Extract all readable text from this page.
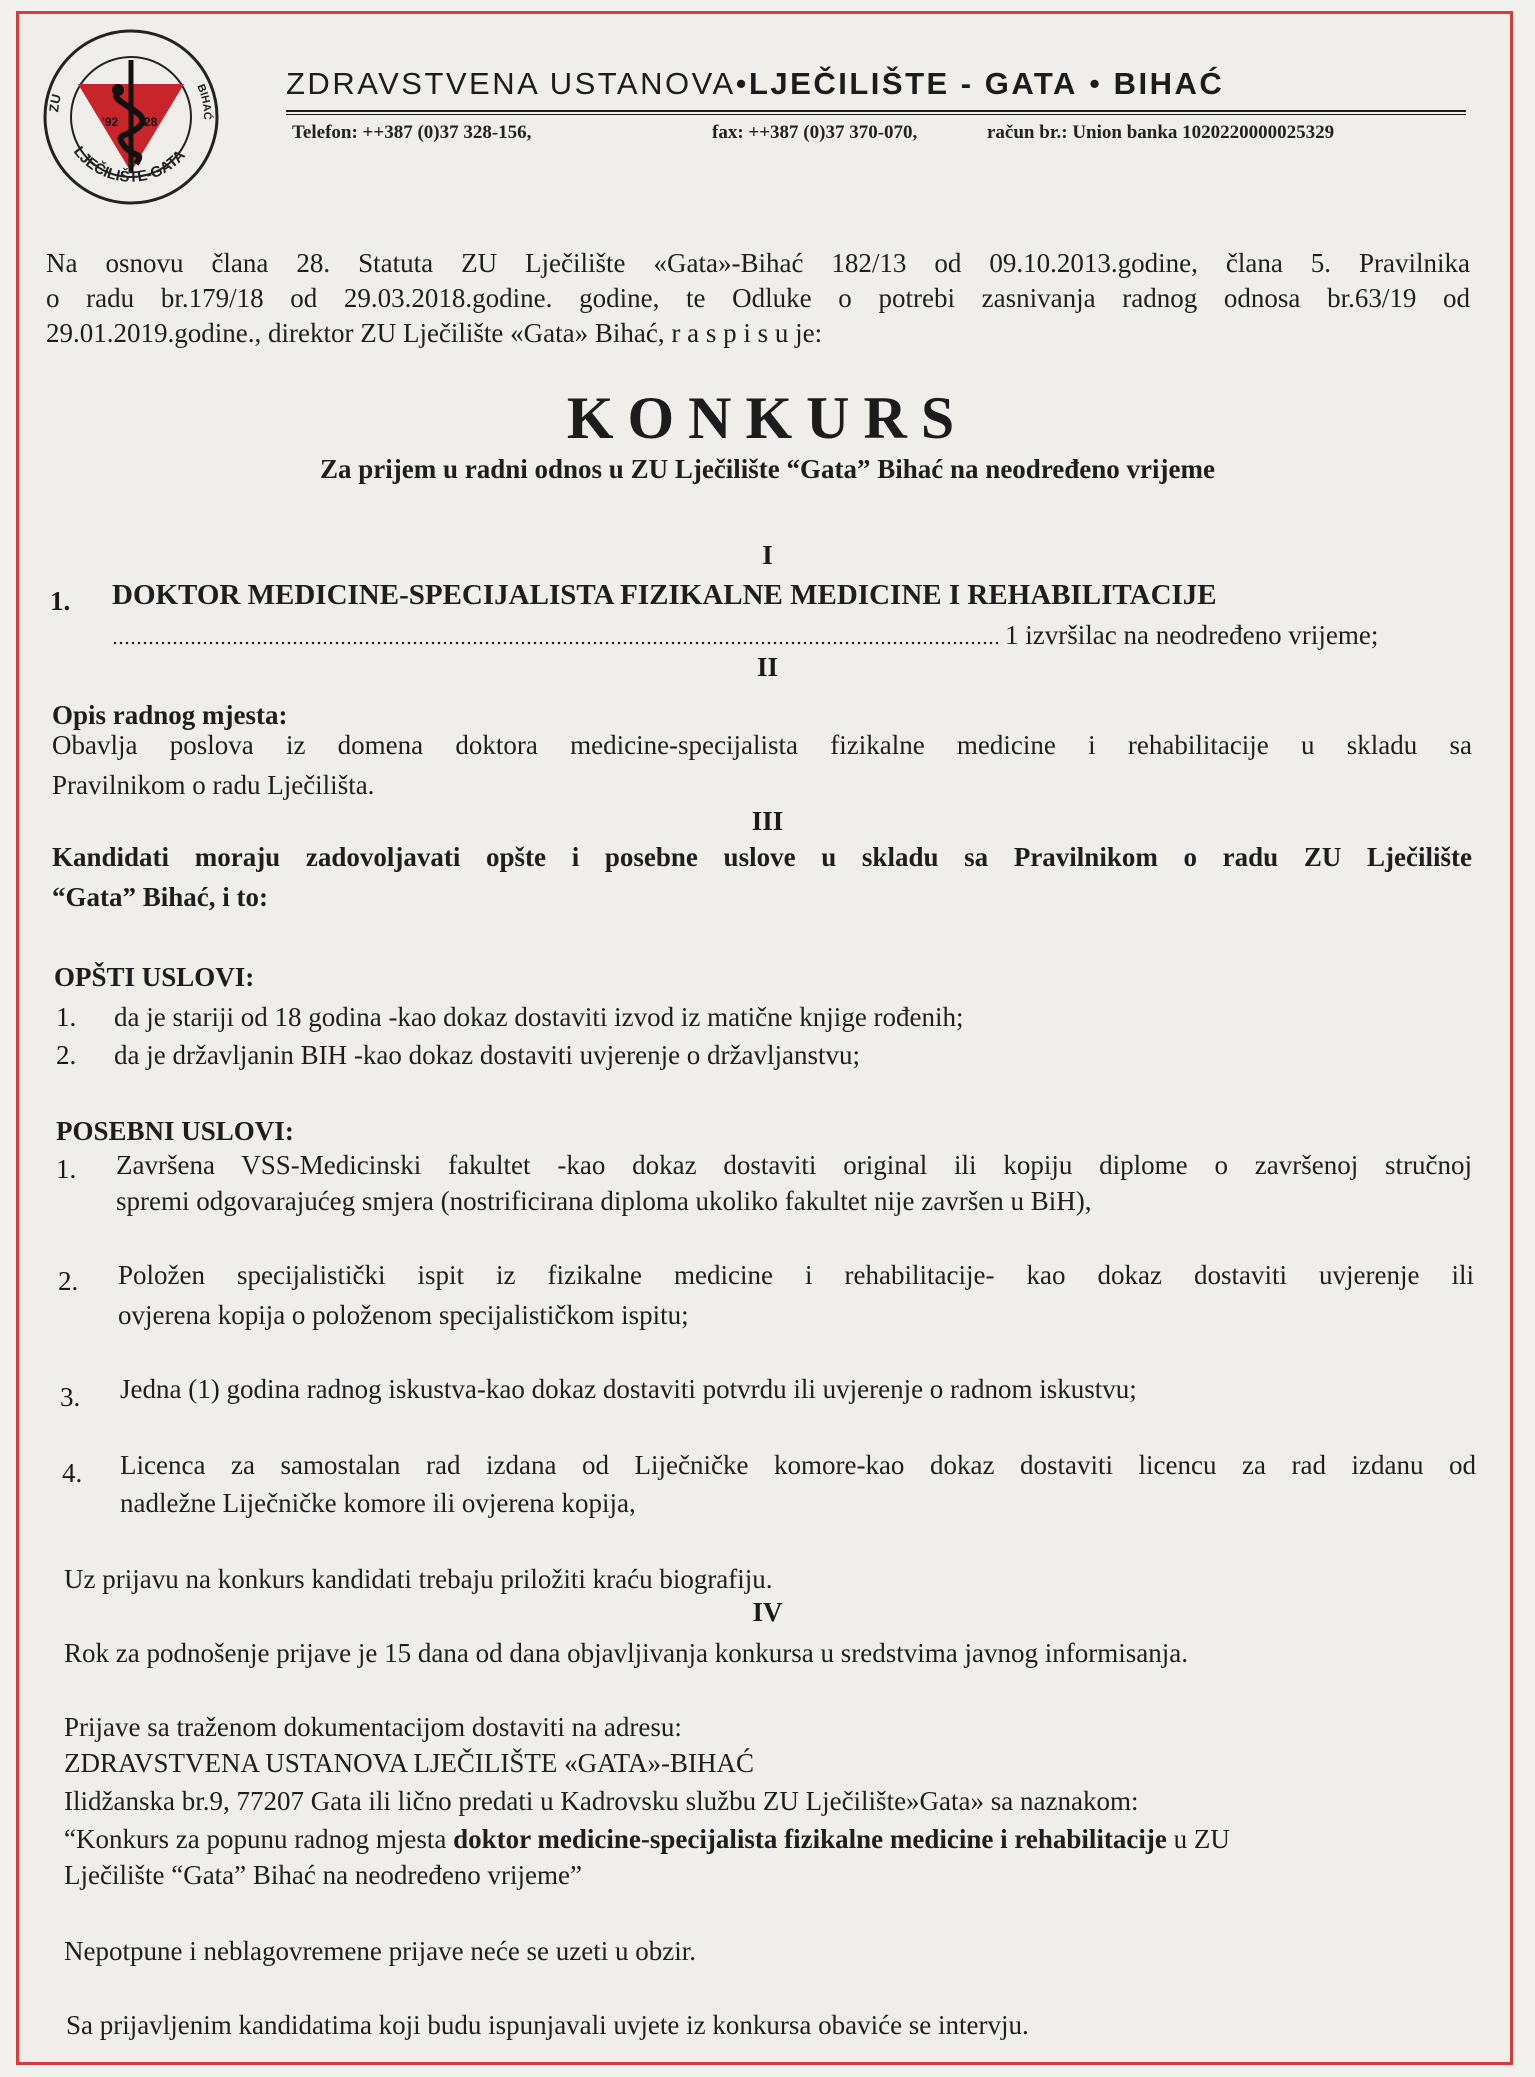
LJEČILIŠTE-GATA
ZU
BIHAĆ
'92 28
ZDRAVSTVENA USTANOVA•LJEČILIŠTE - GATA • BIHAĆ
Telefon: ++387 (0)37 328-156,	fax: ++387 (0)37 370-070,	račun br.: Union banka 1020220000025329
Na osnovu člana 28. Statuta ZU Lječilište «Gata»-Bihać 182/13 od 09.10.2013.godine, člana 5. Pravilnika
o radu br.179/18 od 29.03.2018.godine. godine, te Odluke o potrebi zasnivanja radnog odnosa br.63/19 od
29.01.2019.godine., direktor ZU Lječilište «Gata» Bihać, r a s p i s u je:
KONKURS
Za prijem u radni odnos u ZU Lječilište “Gata” Bihać na neodređeno vrijeme
I
1. DOKTOR MEDICINE-SPECIJALISTA FIZIKALNE MEDICINE I REHABILITACIJE
1 izvršilac na neodređeno vrijeme;
II
Opis radnog mjesta:
Obavlja poslova iz domena doktora medicine-specijalista fizikalne medicine i rehabilitacije u skladu sa
Pravilnikom o radu Lječilišta.
III
Kandidati moraju zadovoljavati opšte i posebne uslove u skladu sa Pravilnikom o radu ZU Lječilište
“Gata” Bihać, i to:
OPŠTI USLOVI:
1. da je stariji od 18 godina -kao dokaz dostaviti izvod iz matične knjige rođenih;
2. da je državljanin BIH -kao dokaz dostaviti uvjerenje o državljanstvu;
POSEBNI USLOVI:
1. Završena VSS-Medicinski fakultet -kao dokaz dostaviti original ili kopiju diplome o završenoj stručnoj
spremi odgovarajućeg smjera (nostrificirana diploma ukoliko fakultet nije završen u BiH),
2. Položen specijalistički ispit iz fizikalne medicine i rehabilitacije- kao dokaz dostaviti uvjerenje ili
ovjerena kopija o položenom specijalističkom ispitu;
3. Jedna (1) godina radnog iskustva-kao dokaz dostaviti potvrdu ili uvjerenje o radnom iskustvu;
4. Licenca za samostalan rad izdana od Liječničke komore-kao dokaz dostaviti licencu za rad izdanu od
nadležne Liječničke komore ili ovjerena kopija,
Uz prijavu na konkurs kandidati trebaju priložiti kraću biografiju.
IV
Rok za podnošenje prijave je 15 dana od dana objavljivanja konkursa u sredstvima javnog informisanja.
Prijave sa traženom dokumentacijom dostaviti na adresu:
ZDRAVSTVENA USTANOVA LJEČILIŠTE «GATA»-BIHAĆ
Ilidžanska br.9, 77207 Gata ili lično predati u Kadrovsku službu ZU Lječilište»Gata» sa naznakom:
“Konkurs za popunu radnog mjesta doktor medicine-specijalista fizikalne medicine i rehabilitacije u ZU
Lječilište “Gata” Bihać na neodređeno vrijeme”
Nepotpune i neblagovremene prijave neće se uzeti u obzir.
Sa prijavljenim kandidatima koji budu ispunjavali uvjete iz konkursa obaviće se intervju.
